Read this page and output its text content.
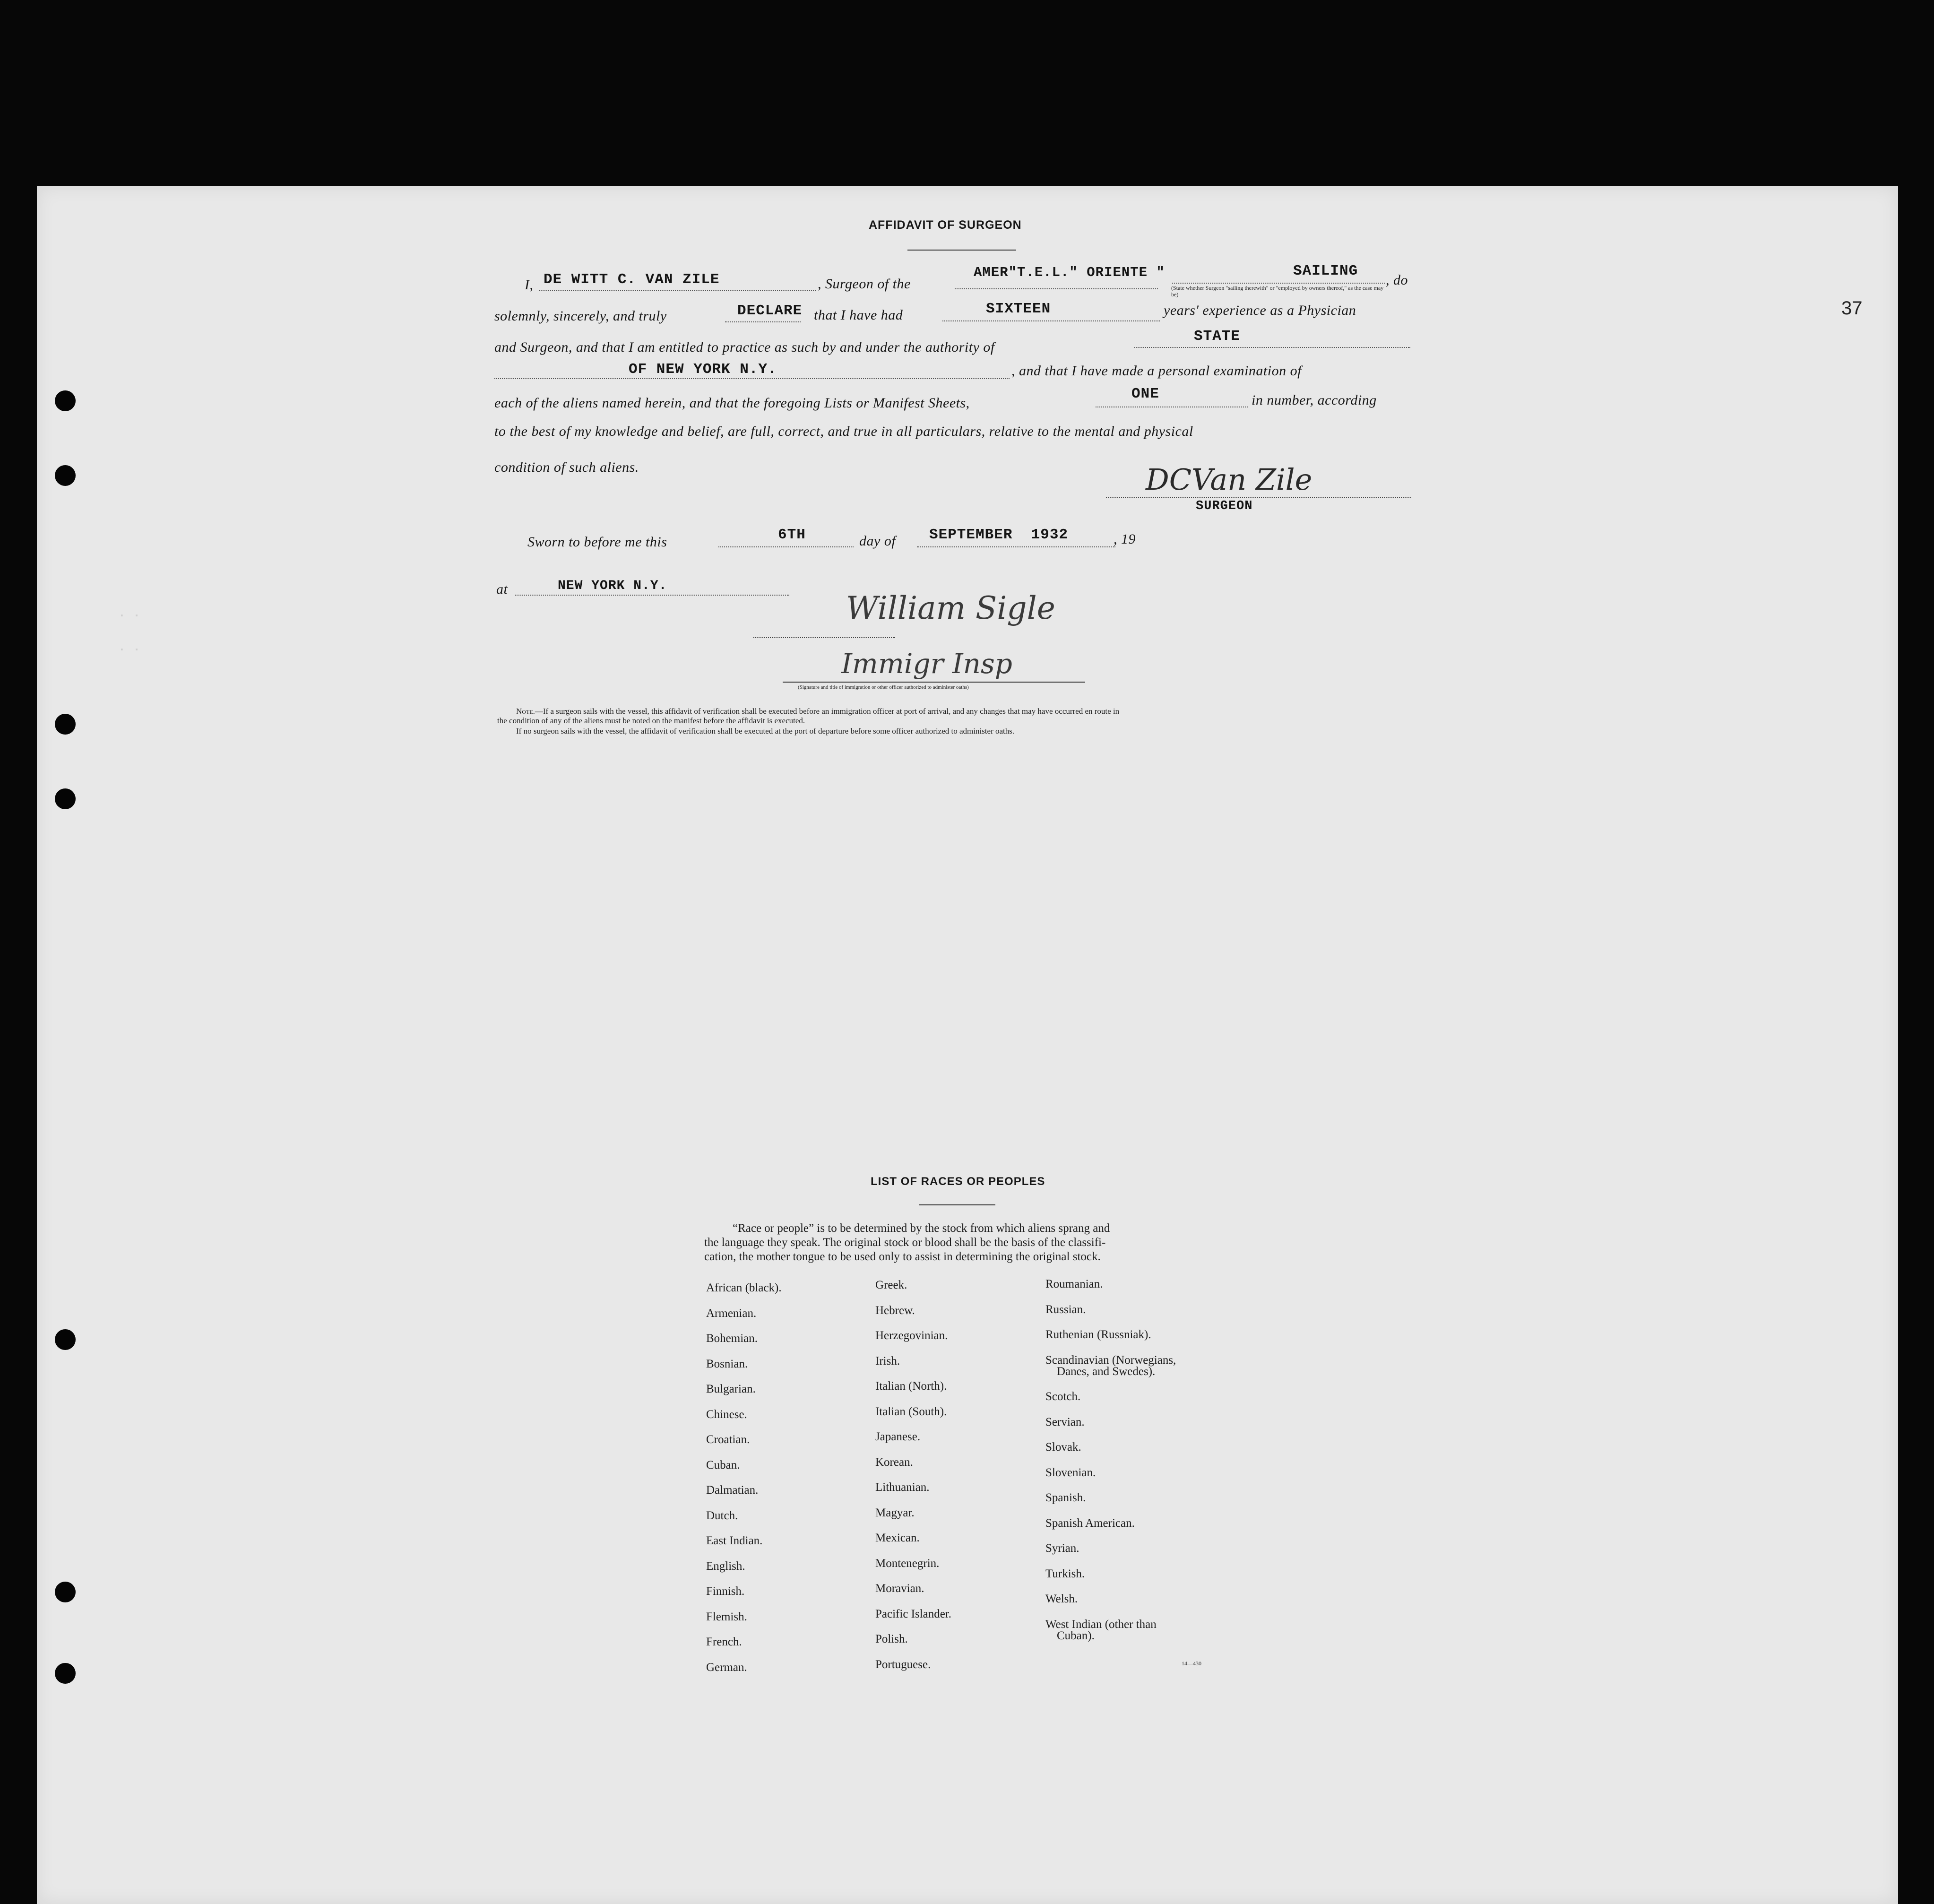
. .
. .
37
AFFIDAVIT OF SURGEON
I, DE WITT C. VAN ZILE	, Surgeon of the
AMER"T.E.L." ORIENTE "	SAILING
(State whether Surgeon "sailing therewith" or "employed by owners thereof," as the case may be)
, do
solemnly, sincerely, and truly	DECLARE that I have had	SIXTEEN	years' experience as a Physician
and Surgeon, and that I am entitled to practice as such by and under the authority of
STATE
OF NEW YORK N.Y.	, and that I have made a personal examination of
each of the aliens named herein, and that the foregoing Lists or Manifest Sheets,
ONE	in number, according
to the best of my knowledge and belief, are full, correct, and true in all particulars, relative to the mental and physical
condition of such aliens.	DCVan Zile
SURGEON
Sworn to before me this	6TH	day of SEPTEMBER  1932	, 19
at	NEW YORK N.Y.
William Sigle
Immigr Insp
(Signature and title of immigration or other officer authorized to administer oaths)
Note.—If a surgeon sails with the vessel, this affidavit of verification shall be executed before an immigration officer at port of arrival, and any changes that may have occurred en route in
the condition of any of the aliens must be noted on the manifest before the affidavit is executed.
If no surgeon sails with the vessel, the affidavit of verification shall be executed at the port of departure before some officer authorized to administer oaths.
LIST OF RACES OR PEOPLES
“Race or people” is to be determined by the stock from which aliens sprang and
the language they speak. The original stock or blood shall be the basis of the classifi-
cation, the mother tongue to be used only to assist in determining the original stock.
African (black).
Armenian.
Bohemian.
Bosnian.
Bulgarian.
Chinese.
Croatian.
Cuban.
Dalmatian.
Dutch.
East Indian.
English.
Finnish.
Flemish.
French.
German.
Greek.
Hebrew.
Herzegovinian.
Irish.
Italian (North).
Italian (South).
Japanese.
Korean.
Lithuanian.
Magyar.
Mexican.
Montenegrin.
Moravian.
Pacific Islander.
Polish.
Portuguese.
Roumanian.
Russian.
Ruthenian (Russniak).
Scandinavian (Norwegians,
Danes, and Swedes).
Scotch.
Servian.
Slovak.
Slovenian.
Spanish.
Spanish American.
Syrian.
Turkish.
Welsh.
West Indian (other than
Cuban).
14—430
